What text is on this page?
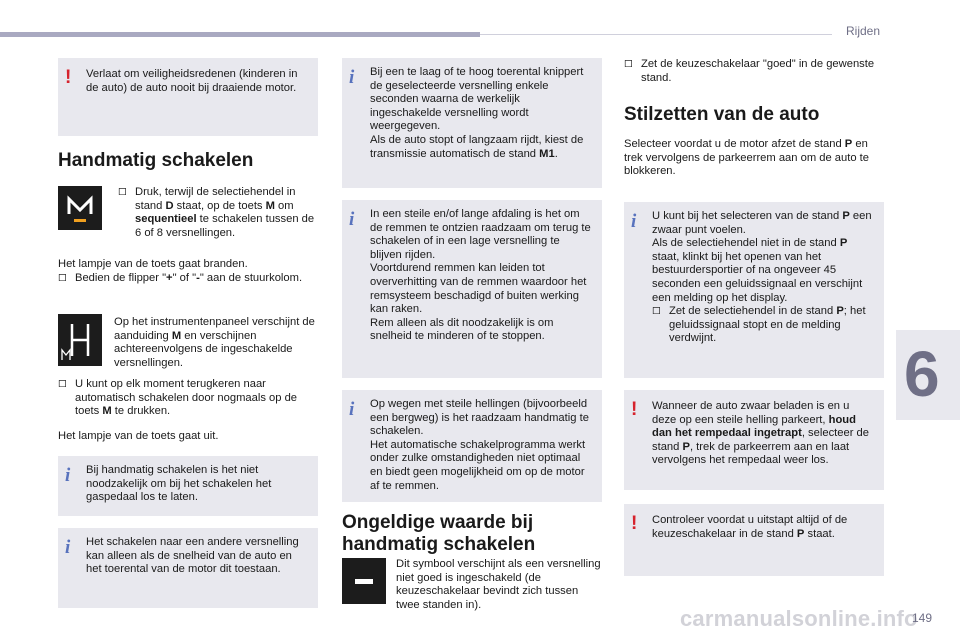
Rijden
6
! Verlaat om veiligheidsredenen (kinderen in de auto) de auto nooit bij draaiende motor.
Handmatig schakelen
□ □ Druk, terwijl de selectiehendel in stand D staat, op de toets M om sequentieel te schakelen tussen de 6 of 8 versnellingen.
Het lampje van de toets gaat branden.
□ □ Bedien de flipper "+" of "-" aan de stuurkolom.
Op het instrumentenpaneel verschijnt de aanduiding M en verschijnen achtereenvolgens de ingeschakelde versnellingen.
□ □ U kunt op elk moment terugkeren naar automatisch schakelen door nogmaals op de toets M te drukken.
Het lampje van de toets gaat uit.
i Bij handmatig schakelen is het niet noodzakelijk om bij het schakelen het gaspedaal los te laten.
i Het schakelen naar een andere versnelling kan alleen als de snelheid van de auto en het toerental van de motor dit toestaan.
i Bij een te laag of te hoog toerental knippert de geselecteerde versnelling enkele seconden waarna de werkelijk ingeschakelde versnelling wordt weergegeven.
Als de auto stopt of langzaam rijdt, kiest de transmissie automatisch de stand M1.
i In een steile en/of lange afdaling is het om de remmen te ontzien raadzaam om terug te schakelen of in een lage versnelling te blijven rijden.
Voortdurend remmen kan leiden tot oververhitting van de remmen waardoor het remsysteem beschadigd of buiten werking kan raken.
Rem alleen als dit noodzakelijk is om snelheid te minderen of te stoppen.
i Op wegen met steile hellingen (bijvoorbeeld een bergweg) is het raadzaam handmatig te schakelen.
Het automatische schakelprogramma werkt onder zulke omstandigheden niet optimaal en biedt geen mogelijkheid om op de motor af te remmen.
Ongeldige waarde bij
handmatig schakelen
Dit symbool verschijnt als een versnelling niet goed is ingeschakeld (de keuzeschakelaar bevindt zich tussen twee standen in).
□ □ Zet de keuzeschakelaar "goed" in de gewenste stand.
Stilzetten van de auto
Selecteer voordat u de motor afzet de stand P en trek vervolgens de parkeerrem aan om de auto te blokkeren.
i U kunt bij het selecteren van de stand P een zwaar punt voelen.
Als de selectiehendel niet in de stand P staat, klinkt bij het openen van het bestuurdersportier of na ongeveer 45 seconden een geluidssignaal en verschijnt een melding op het display.
□ □ Zet de selectiehendel in de stand P; het geluidssignaal stopt en de melding verdwijnt.
! Wanneer de auto zwaar beladen is en u deze op een steile helling parkeert, houd dan het rempedaal ingetrapt, selecteer de stand P, trek de parkeerrem aan en laat vervolgens het rempedaal weer los.
! Controleer voordat u uitstapt altijd of de keuzeschakelaar in de stand P staat.
carmanualsonline.info
149
